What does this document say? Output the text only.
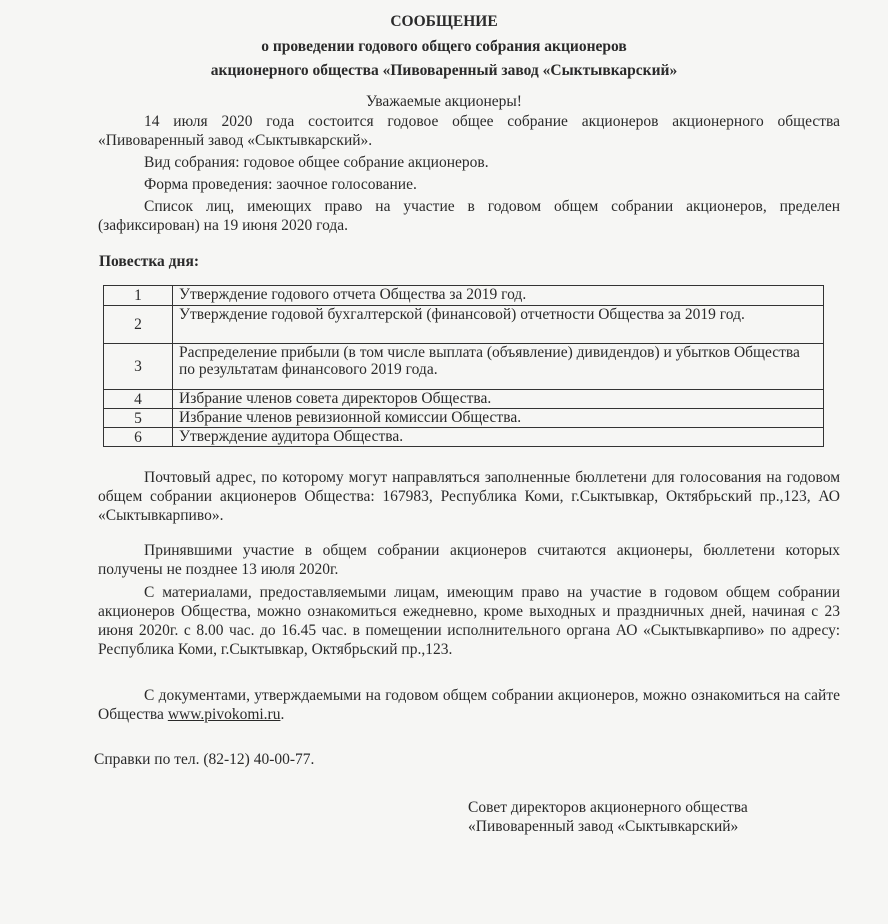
СООБЩЕНИЕ
о проведении годового общего собрания акционеров
акционерного общества «Пивоваренный завод «Сыктывкарский»
Уважаемые акционеры!
14 июля 2020 года состоится годовое общее собрание акционеров акционерного общества «Пивоваренный завод «Сыктывкарский».
Вид собрания: годовое общее собрание акционеров.
Форма проведения: заочное голосование.
Список лиц, имеющих право на участие в годовом общем собрании акционеров, пределен (зафиксирован) на 19 июня 2020 года.
Повестка дня:
1	Утверждение годового отчета Общества за 2019 год.
2	Утверждение годовой бухгалтерской (финансовой) отчетности Общества за 2019 год.
3	Распределение прибыли (в том числе выплата (объявление) дивидендов) и убытков Общества по результатам финансового 2019 года.
4	Избрание членов совета директоров Общества.
5	Избрание членов ревизионной комиссии Общества.
6	Утверждение аудитора Общества.
Почтовый адрес, по которому могут направляться заполненные бюллетени для голосования на годовом общем собрании акционеров Общества: 167983, Республика Коми, г.Сыктывкар, Октябрьский пр.,123, АО «Сыктывкарпиво».
Принявшими участие в общем собрании акционеров считаются акционеры, бюллетени которых получены не позднее 13 июля 2020г.
С материалами, предоставляемыми лицам, имеющим право на участие в годовом общем собрании акционеров Общества, можно ознакомиться ежедневно, кроме выходных и праздничных дней, начиная с 23 июня 2020г. с 8.00 час. до 16.45 час. в помещении исполнительного органа АО «Сыктывкарпиво» по адресу: Республика Коми, г.Сыктывкар, Октябрьский пр.,123.
С документами, утверждаемыми на годовом общем собрании акционеров, можно ознакомиться на сайте Общества www.pivokomi.ru.
Справки по тел. (82-12) 40-00-77.
Совет директоров акционерного общества
«Пивоваренный завод «Сыктывкарский»
